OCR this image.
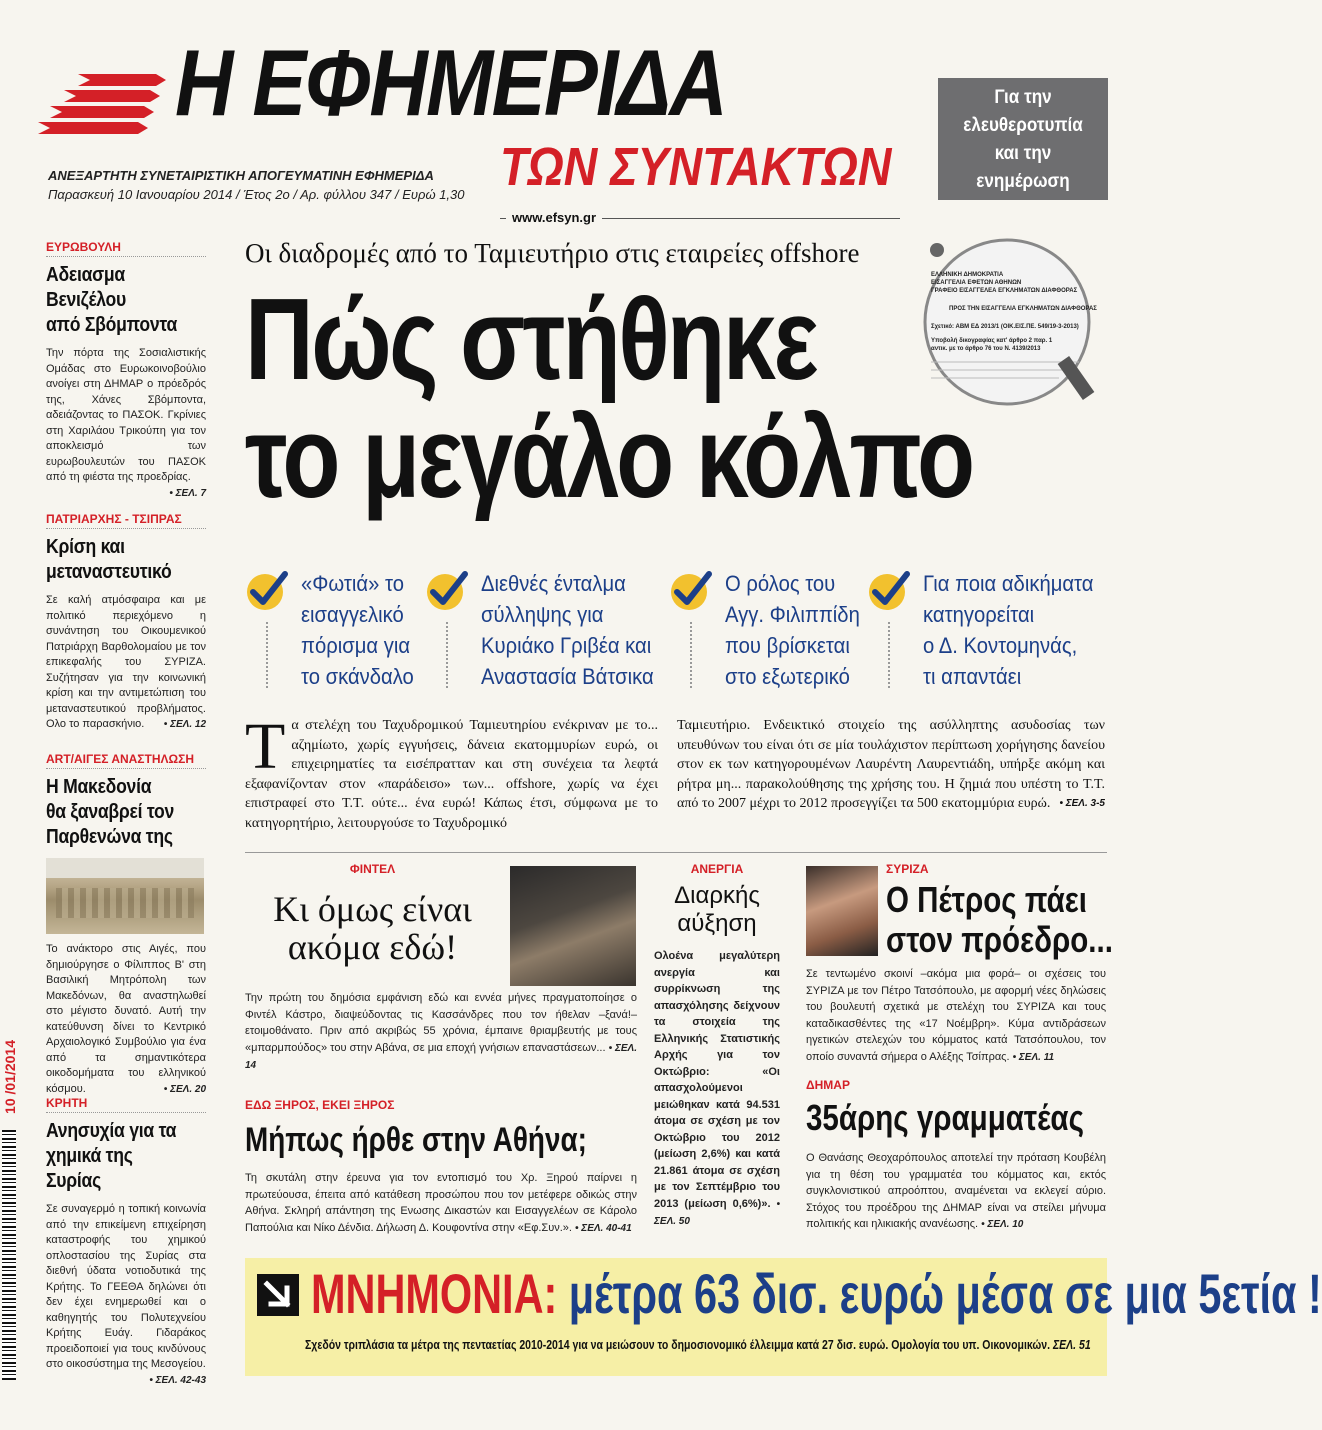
Η ΕΦΗΜΕΡΙΔΑ
ΤΩΝ ΣΥΝΤΑΚΤΩΝ
ΑΝΕΞΑΡΤΗΤΗ ΣΥΝΕΤΑΙΡΙΣΤΙΚΗ ΑΠΟΓΕΥΜΑΤΙΝΗ ΕΦΗΜΕΡΙΔΑ
Παρασκευή 10 Ιανουαρίου 2014 / Έτος 2ο / Αρ. φύλλου 347 / Ευρώ 1,30
www.efsyn.gr
Για την
ελευθεροτυπία
και την
ενημέρωση
10 /01/2014
ΕΥΡΩΒΟΥΛΗ
Αδειασμα
Βενιζέλου
από Σβόμποντα
Την πόρτα της Σοσιαλιστικής Ομάδας στο Ευρωκοινοβούλιο ανοίγει στη ΔΗΜΑΡ ο πρόεδρός της, Χάνες Σβόμποντα, αδειάζοντας το ΠΑΣΟΚ. Γκρίνιες στη Χαριλάου Τρικούπη για τον αποκλεισμό των ευρωβουλευτών του ΠΑΣΟΚ από τη φιέστα της προεδρίας.
• ΣΕΛ. 7
ΠΑΤΡΙΑΡΧΗΣ - ΤΣΙΠΡΑΣ
Κρίση και
μεταναστευτικό
Σε καλή ατμόσφαιρα και με πολιτικό περιεχόμενο η συνάντηση του Οικουμενικού Πατριάρχη Βαρθολομαίου με τον επικεφαλής του ΣΥΡΙΖΑ. Συζήτησαν για την κοινωνική κρίση και την αντιμετώπιση του μεταναστευτικού προβλήματος. Ολο το παρασκήνιο. • ΣΕΛ. 12
ART/ΑΙΓΕΣ ΑΝΑΣΤΗΛΩΣΗ
Η Μακεδονία
θα ξαναβρεί τον
Παρθενώνα της
Το ανάκτορο στις Αιγές, που δημιούργησε ο Φίλιππος Β' στη Βασιλική Μητρόπολη των Μακεδόνων, θα αναστηλωθεί στο μέγιστο δυνατό. Αυτή την κατεύθυνση δίνει το Κεντρικό Αρχαιολογικό Συμβούλιο για ένα από τα σημαντικότερα οικοδομήματα του ελληνικού κόσμου.	• ΣΕΛ. 20
ΚΡΗΤΗ
Ανησυχία για τα
χημικά της Συρίας
Σε συναγερμό η τοπική κοινωνία από την επικείμενη επιχείρηση καταστροφής του χημικού οπλοστασίου της Συρίας στα διεθνή ύδατα νοτιοδυτικά της Κρήτης. Το ΓΕΕΘΑ δηλώνει ότι δεν έχει ενημερωθεί και ο καθηγητής του Πολυτεχνείου Κρήτης Ευάγ. Γιδαράκος προειδοποιεί για τους κινδύνους στο οικοσύστημα της Μεσογείου.
• ΣΕΛ. 42-43
Οι διαδρομές από το Ταμιευτήριο στις εταιρείες offshore
Πώς στήθηκε
το μεγάλο κόλπο
ΕΛΛΗΝΙΚΗ ΔΗΜΟΚΡΑΤΙΑ
ΕΙΣΑΓΓΕΛΙΑ ΕΦΕΤΩΝ ΑΘΗΝΩΝ
ΓΡΑΦΕΙΟ ΕΙΣΑΓΓΕΛΕΑ ΕΓΚΛΗΜΑΤΩΝ ΔΙΑΦΘΟΡΑΣ
ΠΡΟΣ ΤΗΝ ΕΙΣΑΓΓΕΛΙΑ ΕΓΚΛΗΜΑΤΩΝ ΔΙΑΦΘΟΡΑΣ
Σχετικό: ΑΒΜ ΕΔ 2013/1 (ΟΙΚ.ΕΙΣ.ΠΕ. 549/19-3-2013)
Υποβολή δικογραφίας κατ' άρθρο 2 παρ. 1
αντικ. με το άρθρο 76 του Ν. 4139/2013
«Φωτιά» το
εισαγγελικό
πόρισμα για
το σκάνδαλο
Διεθνές ένταλμα
σύλληψης για
Κυριάκο Γριβέα και
Αναστασία Βάτσικα
Ο ρόλος του
Αγγ. Φιλιππίδη
που βρίσκεται
στο εξωτερικό
Για ποια αδικήματα
κατηγορείται
ο Δ. Κοντομηνάς,
τι απαντάει
Τα στελέχη του Ταχυδρομικού Ταμιευτηρίου ενέκριναν με το... αζημίωτο, χωρίς εγγυήσεις, δάνεια εκατομμυρίων ευρώ, οι επιχειρηματίες τα εισέπρατταν και στη συνέχεια τα λεφτά εξαφανίζονταν στον «παράδεισο» των... offshore, χωρίς να έχει επιστραφεί στο Τ.Τ. ούτε... ένα ευρώ! Κάπως έτσι, σύμφωνα με το κατηγορητήριο, λειτουργούσε το Ταχυδρομικό
Ταμιευτήριο. Ενδεικτικό στοιχείο της ασύλληπτης ασυδοσίας των υπευθύνων του είναι ότι σε μία τουλάχιστον περίπτωση χορήγησης δανείου στον εκ των κατηγορουμένων Λαυρέντη Λαυρεντιάδη, υπήρξε ακόμη και ρήτρα μη... παρακολούθησης της χρήσης του. Η ζημιά που υπέστη το Τ.Τ. από το 2007 μέχρι το 2012 προσεγγίζει τα 500 εκατομμύρια ευρώ. • ΣΕΛ. 3-5
ΦΙΝΤΕΛ
Κι όμως είναι
ακόμα εδώ!
Την πρώτη του δημόσια εμφάνιση εδώ και εννέα μήνες πραγματοποίησε ο Φιντέλ Κάστρο, διαψεύδοντας τις Κασσάνδρες που τον ήθελαν –ξανά!– ετοιμοθάνατο. Πριν από ακριβώς 55 χρόνια, έμπαινε θριαμβευτής με τους «μπαρμπούδος» του στην Αβάνα, σε μια εποχή γνήσιων επαναστάσεων... • ΣΕΛ. 14
ΕΔΩ ΞΗΡΟΣ, ΕΚΕΙ ΞΗΡΟΣ
Μήπως ήρθε στην Αθήνα;
Τη σκυτάλη στην έρευνα για τον εντοπισμό του Χρ. Ξηρού παίρνει η πρωτεύουσα, έπειτα από κατάθεση προσώπου που τον μετέφερε οδικώς στην Αθήνα. Σκληρή απάντηση της Ενωσης Δικαστών και Εισαγγελέων σε Κάρολο Παπούλια και Νίκο Δένδια. Δήλωση Δ. Κουφοντίνα στην «Εφ.Συν.». • ΣΕΛ. 40-41
ΑΝΕΡΓΙΑ
Διαρκής
αύξηση
Ολοένα μεγαλύτερη ανεργία και συρρίκνωση της απασχόλησης δείχνουν τα στοιχεία της Ελληνικής Στατιστικής Αρχής για τον Οκτώβριο: «Οι απασχολούμενοι μειώθηκαν κατά 94.531 άτομα σε σχέση με τον Οκτώβριο του 2012 (μείωση 2,6%) και κατά 21.861 άτομα σε σχέση με τον Σεπτέμβριο του 2013 (μείωση 0,6%)». • ΣΕΛ. 50
ΣΥΡΙΖΑ
Ο Πέτρος πάει
στον πρόεδρο...
Σε τεντωμένο σκοινί –ακόμα μια φορά– οι σχέσεις του ΣΥΡΙΖΑ με τον Πέτρο Τατσόπουλο, με αφορμή νέες δηλώσεις του βουλευτή σχετικά με στελέχη του ΣΥΡΙΖΑ και τους καταδικασθέντες της «17 Νοέμβρη». Κύμα αντιδράσεων ηγετικών στελεχών του κόμματος κατά Τατσόπουλου, τον οποίο συναντά σήμερα ο Αλέξης Τσίπρας. • ΣΕΛ. 11
ΔΗΜΑΡ
35άρης γραμματέας
Ο Θανάσης Θεοχαρόπουλος αποτελεί την πρόταση Κουβέλη για τη θέση του γραμματέα του κόμματος και, εκτός συγκλονιστικού απροόπτου, αναμένεται να εκλεγεί αύριο. Στόχος του προέδρου της ΔΗΜΑΡ είναι να στείλει μήνυμα πολιτικής και ηλικιακής ανανέωσης. • ΣΕΛ. 10
ΜΝΗΜΟΝΙΑ: μέτρα 63 δισ. ευρώ μέσα σε μια 5ετία !
Σχεδόν τριπλάσια τα μέτρα της πενταετίας 2010-2014 για να μειώσουν το δημοσιονομικό έλλειμμα κατά 27 δισ. ευρώ. Ομολογία του υπ. Οικονομικών. ΣΕΛ. 51
